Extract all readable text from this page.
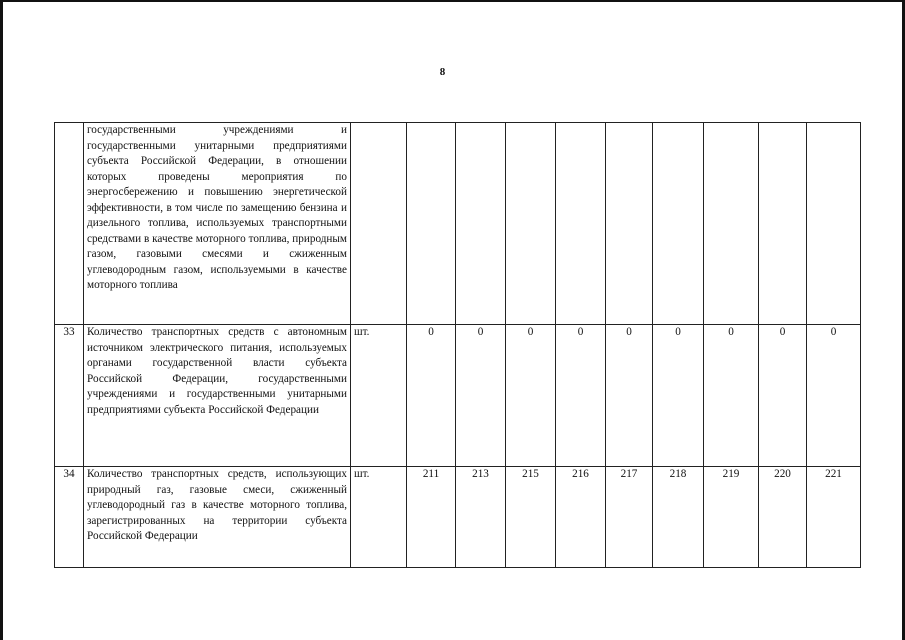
8

	государственными учреждениями и государственными унитарными предприятиями субъекта Российской Федерации, в отношении которых проведены мероприятия по энергосбережению и повышению энергетической эффективности, в том числе по замещению бензина и дизельного топлива, используемых транспортными средствами в качестве моторного топлива, природным газом, газовыми смесями и сжиженным углеводородным газом, используемыми в качестве моторного топлива										

33	Количество транспортных средств с автономным источником электрического питания, используемых органами государственной власти субъекта Российской Федерации, государственными учреждениями и государственными унитарными предприятиями субъекта Российской Федерации	шт.	0	0	0	0	0	0	0	0	0
34	Количество транспортных средств, использующих природный газ, газовые смеси, сжиженный углеводородный газ в качестве моторного топлива, зарегистрированных на территории субъекта Российской Федерации	шт.	211	213	215	216	217	218	219	220	221
